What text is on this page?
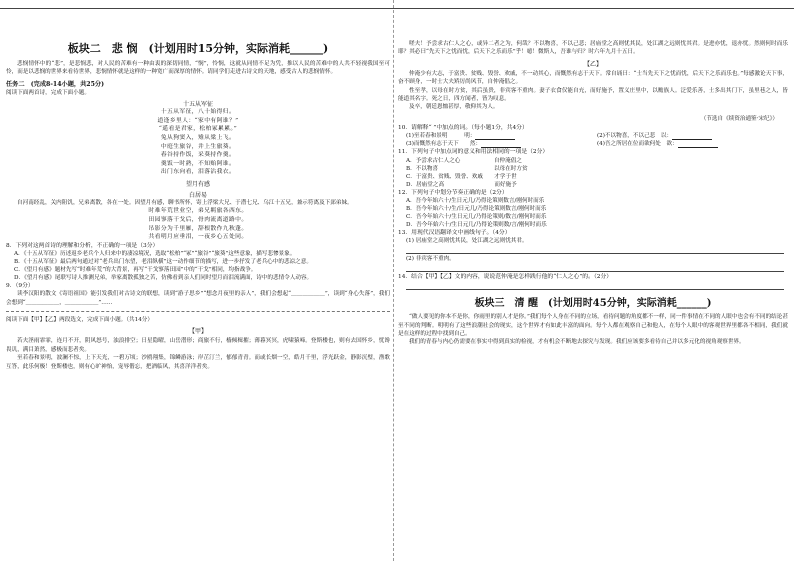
板块二　悲 悯　(计划用时15分钟，实际消耗______)

悲悯情怀中的“悲”，是悲悯悲，对人民的苦难有一种由衷的深切同情，“悯”，怜悯，这就从同情不足为凭，推以人民的苦难中的人共不轻视我国至可怜，而是以悲悯的世界来看待世界，悲悯情怀就是这样的一种宽广而深厚的情怀。请同学们走进古诗文的天地，感受古人的悲悯情怀。

任务二　(完成8-14小题，共25分)

阅读下面两首诗，完成下面小题。

十五从军征

十五从军征，八十始得归。

道逢乡里人：“家中有阿谁？”

“遥看是君家，松柏冢累累。”

兔从狗窦入，雉从梁上飞。

中庭生旅谷，井上生旅葵。

舂谷持作饭，采葵持作羹。

羹饭一时熟，不知贻阿谁。

出门东向看，泪落沾我衣。

望月有感
白居易

自河南经乱，关内阻饥，兄弟离散，各在一处。因望月有感，聊书所怀，寄上浮梁大兄、于潜七兄、乌江十五兄，兼示符离及下邽弟妹。

时难年荒世业空，弟兄羁旅各西东。

田园寥落干戈后，骨肉流离道路中。

吊影分为千里雁，辞根散作九秋蓬。

共看明月应垂泪，一夜乡心五处同。

8．下列对这两首诗的理解和分析，不正确的一项是（3分）

A．《十五从军征》历述返乡老兵个人归来中的凄凉境况，选取“松柏”“冢”“旅谷”“旅葵”这些意象，描写悲惨景象。

B．《十五从军征》最后两句通过对“老兵出门东望，老泪纵横”这一动作细节的描写，进一步抒发了老兵心中的悲凉之意。

C．《望月有感》题材先写“时难年荒”的大背景，再写“干戈寥落田园”中的“干戈”相同，均指战争。

D．《望月有感》尾联写诗人推测兄弟，举家离散孤独之苦，仿佛看到亲人们同时望月而泪流满面，诗中的悲情令人动容。

9．（9分）

读李汉阳的散文《寄语祖国》能引发我们对古诗文的联想，读到“游子思乡”“想念月夜里的亲人”，我们会想起“＿＿＿＿＿＿”，读到“身心失落”，我们会想到“＿＿＿＿＿＿，＿＿＿＿＿＿”……

阅读下面【甲】【乙】两段选文，完成下面小题。（共14分）

【甲】

若夫淫雨霏霏，连月不开，阴风怒号，浊浪排空；日星隐曜，山岳潜形；商旅不行，樯倾楫摧；薄暮冥冥，虎啸猿啼。登斯楼也，则有去国怀乡，忧谗畏讥，满目萧然，感极而悲者矣。

至若春和景明，波澜不惊，上下天光，一碧万顷；沙鸥翔集，锦鳞游泳；岸芷汀兰，郁郁青青。而或长烟一空，皓月千里，浮光跃金，静影沉璧，渔歌互答，此乐何极！登斯楼也，则有心旷神怡，宠辱偕忘，把酒临风，其喜洋洋者矣。

嗟夫！予尝求古仁人之心，或异二者之为，何哉？不以物喜，不以己悲；居庙堂之高则忧其民，处江湖之远则忧其君。是进亦忧，退亦忧。然则何时而乐耶？其必曰“先天下之忧而忧，后天下之乐而乐”乎！噫！微斯人，吾谁与归？时六年九月十五日。

【乙】

仲淹少有大志，于富贵、贫贱、毁誉、欢戚，不一动其心，而慨然有志于天下。常自诵曰：“士当先天下之忧而忧，后天下之乐而乐也。”每感激论天下事，奋不顾身，一时士大夫矫厉尚风节，自仲淹倡之。

性至孝，以母在时方贫，其后虽贵，非宾客不重肉。妻子衣食仅能自充，而好施予，置义庄里中，以赡族人。泛爱乐善，士多出其门下，虽里巷之人，皆能道其名字。死之日，四方闻者，皆为叹息。

及卒，朝廷恩恤甚厚，敬仰其为人。

（节选自《续资治通鉴·宋纪》）

10．请解释“ ”中加点的词。（每小题1分，共4分）

(1)至若春和景明　　　明：	(2)不以物喜，不以己悲　以：
(3)而慨然有志于天下　　然：	(4)吾之所居在位而欲何处　欲：

11．下列句子中加点词的意义和用法相同的一项是（2分）

A．予尝求古仁人之心　　　　　　自仲淹倡之

B．不以物喜　　　　　　　　　　以母在时方贫

C．于富贵、贫贱、毁誉、欢戚　　才学于世

D．居庙堂之高　　　　　　　　　而好施予

12．下列句子中划分节奏正确的是（2分）

A．吾今年始六十/生日元几/乃得论策则数言/刚何时而乐

B．吾今年始六十/生/日元几/乃得论策则数言/刚何时而乐

C．吾今年始六十/生日元几/乃得论策则/数言/刚何时而乐

D．吾今年始六十/生日元几/乃得论策则数/言/刚何时而乐

13．用现代汉语翻译文中画线句子。（4分）

(1) 居庙堂之高则忧其民，处江湖之远则忧其君。

(2) 非宾客不重肉。

14．结合【甲】【乙】文的内容，说说范仲淹是怎样践行他的“仁人之心”的。（2分）

板块三　清 醒　(计划用时45分钟，实际消耗______)

“做人要见的你本不是你，你雨里的别人才是你。”我们每个人身在不同的立场，看待问题的角度都不一样，同一件事情在不同的人眼中也会有不同的结论甚至不同的判断。明明有了这些浪潮社会的现实，这个世界才有如此丰富的面向。每个人都在观察自己和他人，在每个人眼中的客观世界里都各不相同，我们就是在这样的过程中找到自己。

我们的青春与内心仍需要在事实中得到真实的检视，才有机会不断地去探究与发现。我们应该要多看待自己并以多元化的视角观察世界。
